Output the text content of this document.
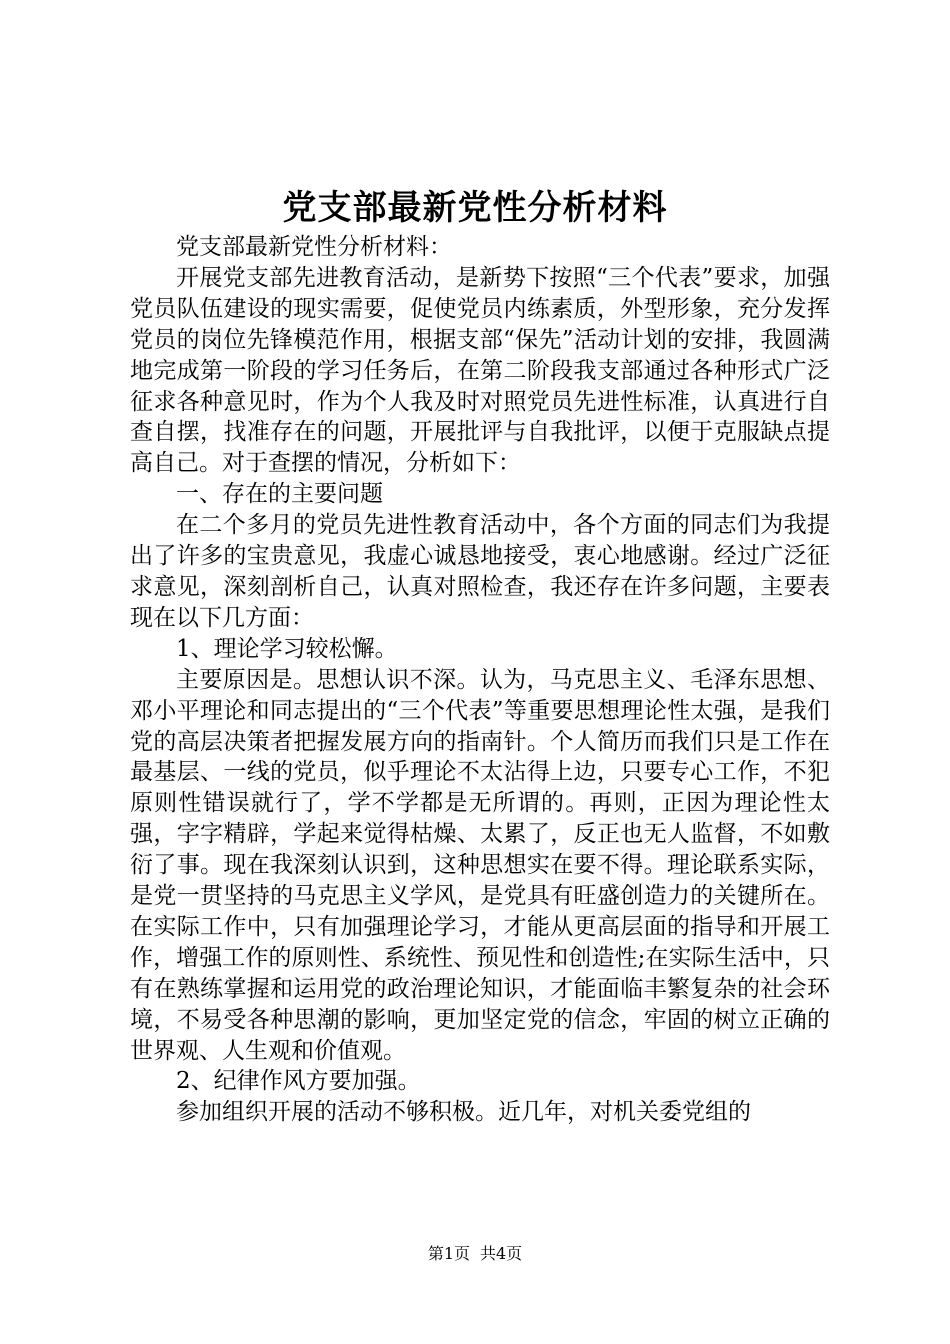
党支部最新党性分析材料

党支部最新党性分析材料：

开展党支部先进教育活动，是新势下按照“三个代表”要求，加强党员队伍建设的现实需要，促使党员内练素质，外型形象，充分发挥党员的岗位先锋模范作用，根据支部“保先”活动计划的安排，我圆满地完成第一阶段的学习任务后，在第二阶段我支部通过各种形式广泛征求各种意见时，作为个人我及时对照党员先进性标准，认真进行自查自摆，找准存在的问题，开展批评与自我批评，以便于克服缺点提高自己。对于查摆的情况，分析如下：

一、存在的主要问题

在二个多月的党员先进性教育活动中，各个方面的同志们为我提出了许多的宝贵意见，我虚心诚恳地接受，衷心地感谢。经过广泛征求意见，深刻剖析自己，认真对照检查，我还存在许多问题，主要表现在以下几方面：

1、理论学习较松懈。

主要原因是。思想认识不深。认为，马克思主义、毛泽东思想、邓小平理论和同志提出的“三个代表”等重要思想理论性太强，是我们党的高层决策者把握发展方向的指南针。个人简历而我们只是工作在最基层、一线的党员，似乎理论不太沾得上边，只要专心工作，不犯原则性错误就行了，学不学都是无所谓的。再则，正因为理论性太强，字字精辟，学起来觉得枯燥、太累了，反正也无人监督，不如敷衍了事。现在我深刻认识到，这种思想实在要不得。理论联系实际，是党一贯坚持的马克思主义学风，是党具有旺盛创造力的关键所在。在实际工作中，只有加强理论学习，才能从更高层面的指导和开展工作，增强工作的原则性、系统性、预见性和创造性;在实际生活中，只有在熟练掌握和运用党的政治理论知识，才能面临丰繁复杂的社会环境，不易受各种思潮的影响，更加坚定党的信念，牢固的树立正确的世界观、人生观和价值观。

2、纪律作风方要加强。

参加组织开展的活动不够积极。近几年，对机关委党组的

第1页 共4页
